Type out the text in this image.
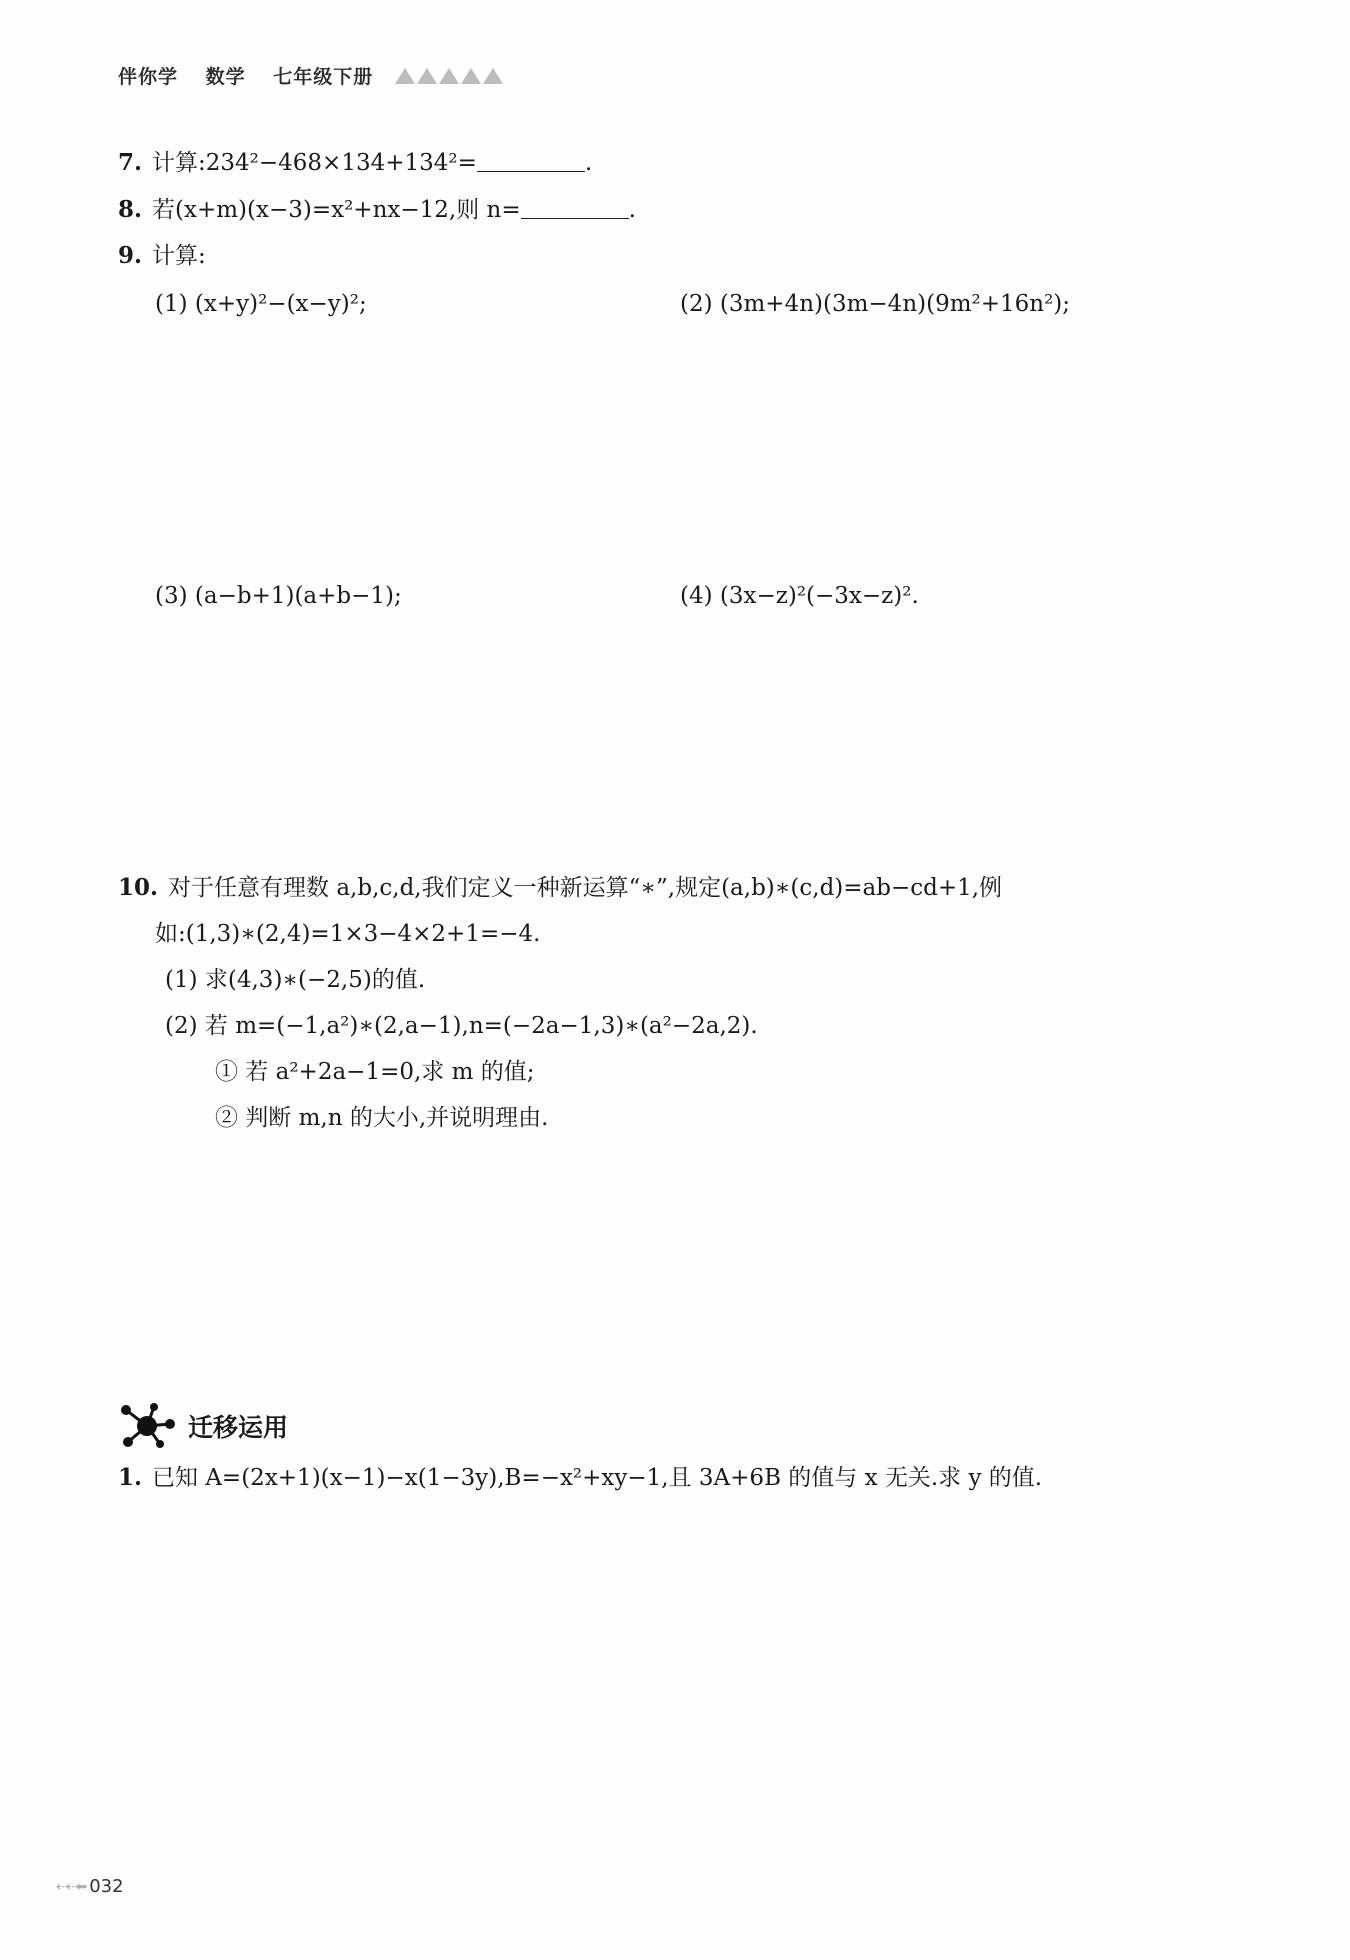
伴你学 数学 七年级下册
7. 计算:234²−468×134+134²=	.
8. 若(x+m)(x−3)=x²+nx−12,则 n=	.
9. 计算:
(1) (x+y)²−(x−y)²;	(2) (3m+4n)(3m−4n)(9m²+16n²);
(3) (a−b+1)(a+b−1);	(4) (3x−z)²(−3x−z)².
10. 对于任意有理数 a,b,c,d,我们定义一种新运算“∗”,规定(a,b)∗(c,d)=ab−cd+1,例
如:(1,3)∗(2,4)=1×3−4×2+1=−4.
(1) 求(4,3)∗(−2,5)的值.
(2) 若 m=(−1,a²)∗(2,a−1),n=(−2a−1,3)∗(a²−2a,2).
① 若 a²+2a−1=0,求 m 的值;
② 判断 m,n 的大小,并说明理由.
迁移运用
1. 已知 A=(2x+1)(x−1)−x(1−3y),B=−x²+xy−1,且 3A+6B 的值与 x 无关.求 y 的值.
⇠⇠⬅ 032
